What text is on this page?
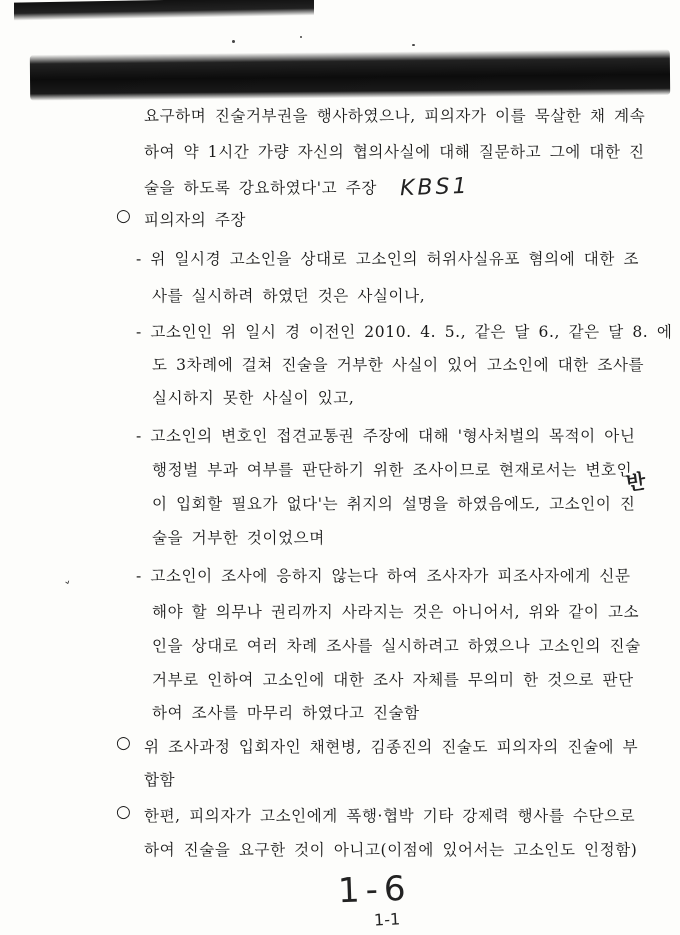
요구하며 진술거부권을 행사하였으나, 피의자가 이를 묵살한 채 계속
하여 약 1시간 가량 자신의 협의사실에 대해 질문하고 그에 대한 진
술을 하도록 강요하였다'고 주장
○ 피의자의 주장
- 위 일시경 고소인을 상대로 고소인의 허위사실유포 혐의에 대한 조
사를 실시하려 하였던 것은 사실이나,
- 고소인인 위 일시 경 이전인 2010. 4. 5., 같은 달 6., 같은 달 8. 에
도 3차례에 걸쳐 진술을 거부한 사실이 있어 고소인에 대한 조사를
실시하지 못한 사실이 있고,
- 고소인의 변호인 접견교통권 주장에 대해 '형사처벌의 목적이 아닌
행정벌 부과 여부를 판단하기 위한 조사이므로 현재로서는 변호인
이 입회할 필요가 없다'는 취지의 설명을 하였음에도, 고소인이 진
술을 거부한 것이었으며
- 고소인이 조사에 응하지 않는다 하여 조사자가 피조사자에게 신문
해야 할 의무나 권리까지 사라지는 것은 아니어서, 위와 같이 고소
인을 상대로 여러 차례 조사를 실시하려고 하였으나 고소인의 진술
거부로 인하여 고소인에 대한 조사 자체를 무의미 한 것으로 판단
하여 조사를 마무리 하였다고 진술함
○ 위 조사과정 입회자인 채현병, 김종진의 진술도 피의자의 진술에 부
합함
○ 한편, 피의자가 고소인에게 폭행·협박 기타 강제력 행사를 수단으로
하여 진술을 요구한 것이 아니고(이점에 있어서는 고소인도 인정함)
ˇ
KBS1
반
1-6
1-1
